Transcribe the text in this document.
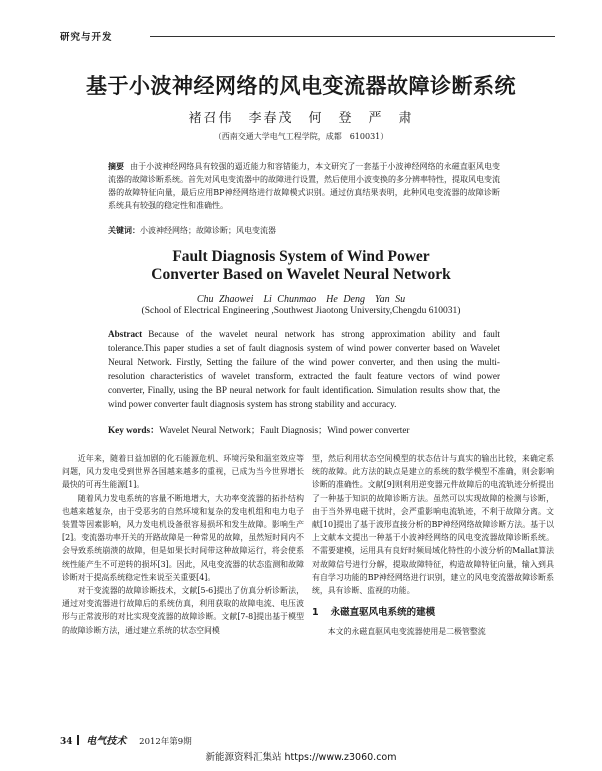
研究与开发
基于小波神经网络的风电变流器故障诊断系统
褚召伟　李春茂　何　登　严　肃
（西南交通大学电气工程学院，成都　610031）
摘要 由于小波神经网络具有较强的逼近能力和容错能力，本文研究了一套基于小波神经网络的永磁直驱风电变流器的故障诊断系统。首先对风电变流器中的故障进行设置，然后使用小波变换的多分辨率特性，提取风电变流器的故障特征向量，最后应用BP神经网络进行故障模式识别。通过仿真结果表明，此种风电变流器的故障诊断系统具有较强的稳定性和准确性。
关键词：小波神经网络；故障诊断；风电变流器
Fault Diagnosis System of Wind Power
Converter Based on Wavelet Neural Network
Chu Zhaowei　Li Chunmao　He Deng　Yan Su
(School of Electrical Engineering ,Southwest Jiaotong University,Chengdu 610031)
Abstract Because of the wavelet neural network has strong approximation ability and fault tolerance.This paper studies a set of fault diagnosis system of wind power converter based on Wavelet Neural Network. Firstly, Setting the failure of the wind power converter, and then using the multi-resolution characteristics of wavelet transform, extracted the fault feature vectors of wind power converter, Finally, using the BP neural network for fault identification. Simulation results show that, the wind power converter fault diagnosis system has strong stability and accuracy.
Key words：Wavelet Neural Network；Fault Diagnosis；Wind power converter

近年来，随着日益加剧的化石能源危机、环境污染和温室效应等问题，风力发电受到世界各国越来越多的重视，已成为当今世界增长最快的可再生能源[1]。

随着风力发电系统的容量不断地增大，大功率变流器的拓扑结构也越来越复杂，由于受恶劣的自然环境和复杂的发电机组和电力电子装置等因素影响，风力发电机设备很容易损坏和发生故障。影响生产[2]。变流器功率开关的开路故障是一种常见的故障，虽然短时间内不会导致系统崩溃的故障，但是如果长时间带这种故障运行，将会使系统性能产生不可逆转的损坏[3]。因此，风电变流器的状态监测和故障诊断对于提高系统稳定性来说至关重要[4]。

对于变流器的故障诊断技术，文献[5-6]提出了仿真分析诊断法，通过对变流器进行故障后的系统仿真，利用获取的故障电流、电压波形与正常波形的对比实现变流器的故障诊断。文献[7-8]提出基于模型的故障诊断方法，通过建立系统的状态空间模

型，然后利用状态空间模型的状态估计与真实的输出比较，来确定系统的故障。此方法的缺点是建立的系统的数学模型不准确，则会影响诊断的准确性。文献[9]则利用逆变器元件故障后的电流轨迹分析提出了一种基于知识的故障诊断方法。虽然可以实现故障的检测与诊断，由于当外界电磁干扰时，会严重影响电流轨迹，不利于故障分离。文献[10]提出了基于波形直接分析的BP神经网络故障诊断方法。基于以上文献本文提出一种基于小波神经网络的风电变流器故障诊断系统。不需要建模，运用具有良好时频局域化特性的小波分析的Mallat算法对故障信号进行分解，提取故障特征，构造故障特征向量，输入到具有自学习功能的BP神经网络进行识别，建立的风电变流器故障诊断系统，具有诊断、监视的功能。

1 永磁直驱风电系统的建模

本文的永磁直驱风电变流器使用是二极管整流

34 电气技术 2012年第9期
新能源资料汇集站 https://www.z3060.com
